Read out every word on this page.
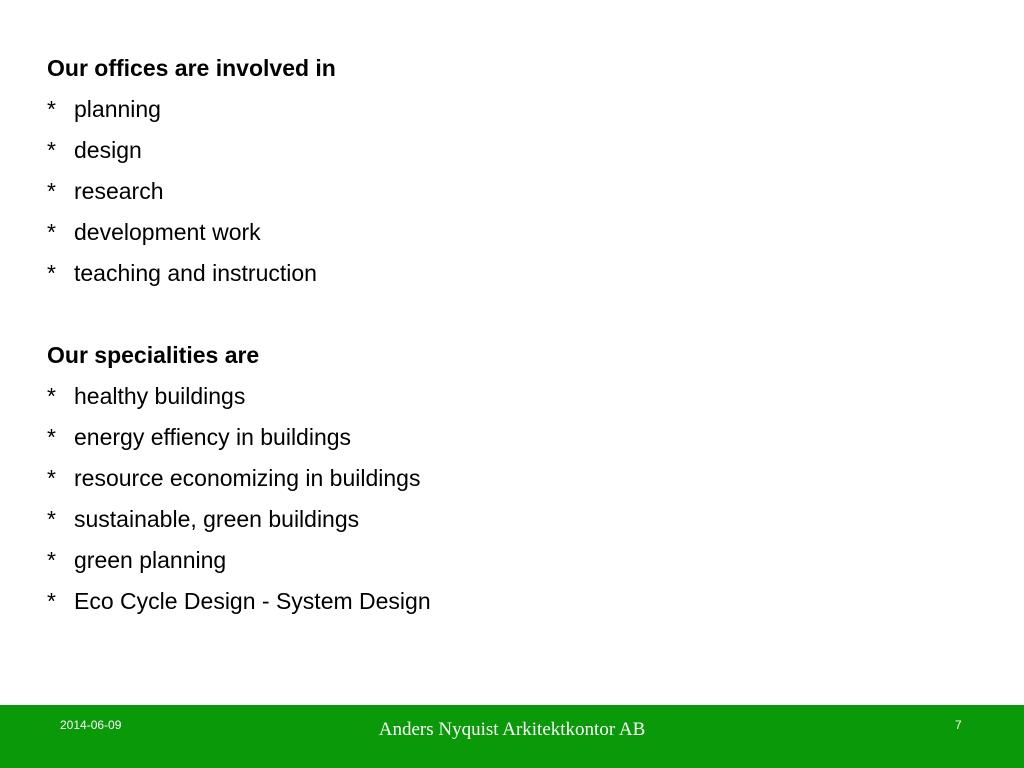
Our offices are involved in
* planning
* design
* research
* development work
* teaching and instruction
Our specialities are
* healthy buildings
* energy effiency in buildings
* resource economizing in buildings
* sustainable, green buildings
* green planning
* Eco Cycle Design - System Design
2014-06-09	Anders Nyquist Arkitektkontor AB	7
